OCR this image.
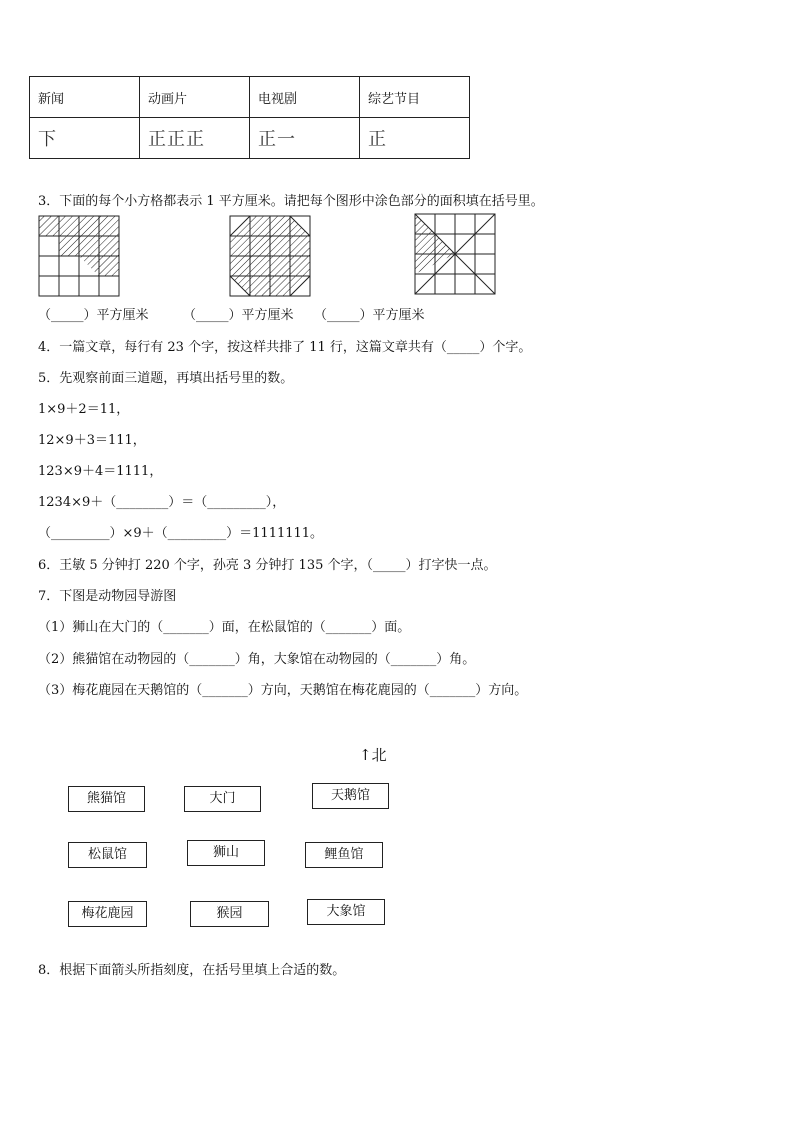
新闻	动画片	电视剧	综艺节目
下	正正正	正一	正
3．下面的每个小方格都表示 1 平方厘米。请把每个图形中涂色部分的面积填在括号里。
（_____）平方厘米	（_____）平方厘米 （_____）平方厘米
4．一篇文章，每行有 23 个字，按这样共排了 11 行，这篇文章共有（_____）个字。
5．先观察前面三道题，再填出括号里的数。
1×9＋2＝11，
12×9＋3＝111，
123×9＋4＝1111，
1234×9＋（________）＝（_________），
（_________）×9＋（_________）＝1111111。
6．王敏 5 分钟打 220 个字，孙亮 3 分钟打 135 个字，（_____）打字快一点。
7．下图是动物园导游图
（1）狮山在大门的（_______）面，在松鼠馆的（_______）面。
（2）熊猫馆在动物园的（_______）角，大象馆在动物园的（_______）角。
（3）梅花鹿园在天鹅馆的（_______）方向，天鹅馆在梅花鹿园的（_______）方向。
↑北
熊猫馆	大门	天鹅馆
松鼠馆	狮山	鲤鱼馆
梅花鹿园	猴园	大象馆
8．根据下面箭头所指刻度，在括号里填上合适的数。
